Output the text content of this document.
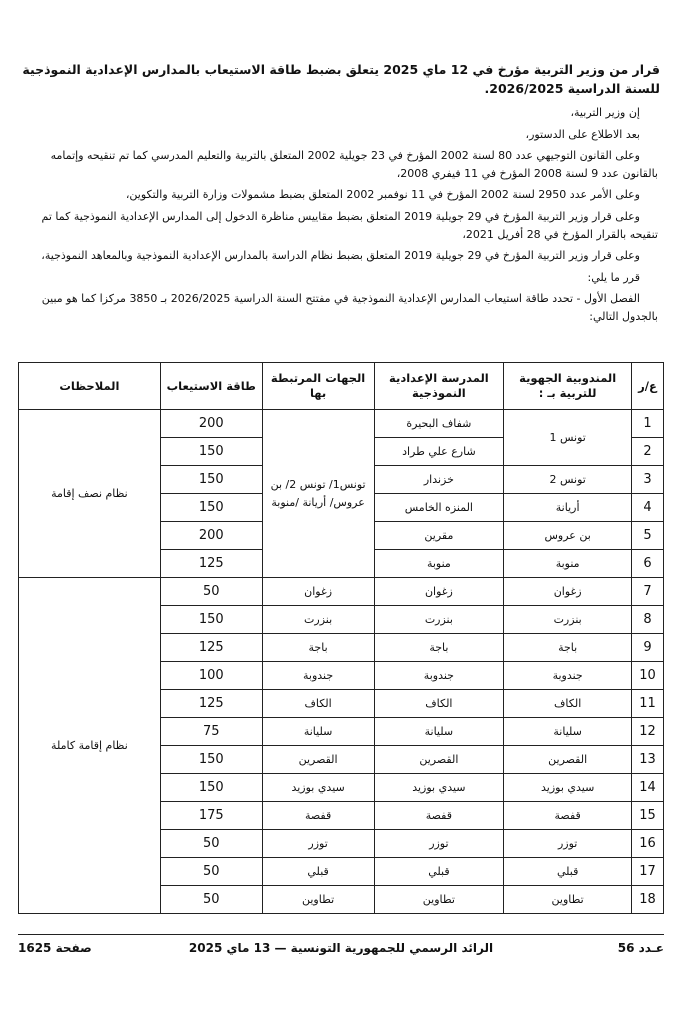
قرار من وزير التربية مؤرخ في 12 ماي 2025 يتعلق بضبط طاقة الاستيعاب بالمدارس الإعدادية النموذجية للسنة الدراسية 2026/2025.

إن وزير التربية،

بعد الاطلاع على الدستور،

وعلى القانون التوجيهي عدد 80 لسنة 2002 المؤرخ في 23 جويلية 2002 المتعلق بالتربية والتعليم المدرسي كما تم تنقيحه وإتمامه بالقانون عدد 9 لسنة 2008 المؤرخ في 11 فيفري 2008،

وعلى الأمر عدد 2950 لسنة 2002 المؤرخ في 11 نوفمبر 2002 المتعلق بضبط مشمولات وزارة التربية والتكوين،

وعلى قرار وزير التربية المؤرخ في 29 جويلية 2019 المتعلق بضبط مقاييس مناظرة الدخول إلى المدارس الإعدادية النموذجية كما تم تنقيحه بالقرار المؤرخ في 28 أفريل 2021،

وعلى قرار وزير التربية المؤرخ في 29 جويلية 2019 المتعلق بضبط نظام الدراسة بالمدارس الإعدادية النموذجية وبالمعاهد النموذجية،

قرر ما يلي:

الفصل الأول - تحدد طاقة استيعاب المدارس الإعدادية النموذجية في مفتتح السنة الدراسية 2026/2025 بـ 3850 مركزا كما هو مبين بالجدول التالي:

ع/ر	المندوبية الجهوية للتربية بـ :	المدرسة الإعدادية النموذجية	الجهات المرتبطة بها	طاقة الاستيعاب	الملاحظات
1	تونس 1	شفاف البحيرة	تونس1/ تونس 2/ بن عروس/ أريانة /منوبة	200	نظام نصف إقامة
2		شارع علي طراد		150	
3	تونس 2	خزندار		150	
4	أريانة	المنزه الخامس		150	
5	بن عروس	مقرين		200	
6	منوبة	منوبة		125	
7	زغوان	زغوان	زغوان	50	نظام إقامة كاملة
8	بنزرت	بنزرت	بنزرت	150	
9	باجة	باجة	باجة	125	
10	جندوبة	جندوبة	جندوبة	100	
11	الكاف	الكاف	الكاف	125	
12	سليانة	سليانة	سليانة	75	
13	القصرين	القصرين	القصرين	150	
14	سيدي بوزيد	سيدي بوزيد	سيدي بوزيد	150	
15	قفصة	قفصة	قفصة	175	
16	توزر	توزر	توزر	50	
17	قبلي	قبلي	قبلي	50	
18	تطاوين	تطاوين	تطاوين	50	
عـدد 56
الرائد الرسمي للجمهورية التونسية — 13 ماي 2025
صفحة 1625
